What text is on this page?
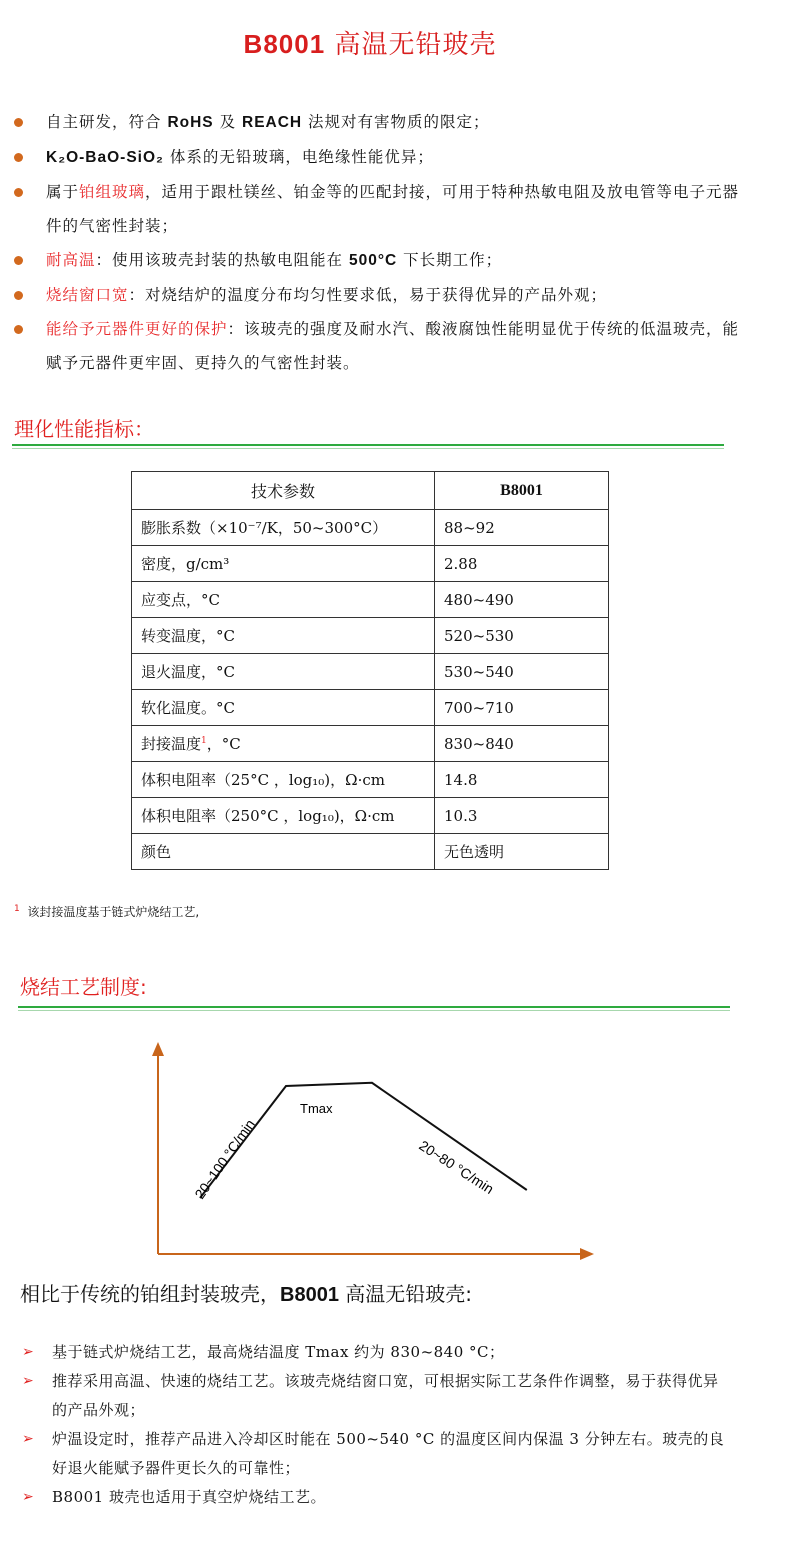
B8001 高温无铅玻壳
自主研发，符合 RoHS 及 REACH 法规对有害物质的限定；
K₂O-BaO-SiO₂ 体系的无铅玻璃，电绝缘性能优异；
属于铂组玻璃，适用于跟杜镁丝、铂金等的匹配封接，可用于特种热敏电阻及放电管等电子元器件的气密性封装；
耐高温：使用该玻壳封装的热敏电阻能在 500°C 下长期工作；
烧结窗口宽：对烧结炉的温度分布均匀性要求低，易于获得优异的产品外观；
能给予元器件更好的保护：该玻壳的强度及耐水汽、酸液腐蚀性能明显优于传统的低温玻壳，能赋予元器件更牢固、更持久的气密性封装。
理化性能指标：
技术参数	B8001
膨胀系数（×10⁻⁷/K，50~300°C）	88~92
密度，g/cm³	2.88
应变点，°C	480~490
转变温度，°C	520~530
退火温度，°C	530~540
软化温度。°C	700~710
封接温度$^1$，°C	830~840
体积电阻率（25°C ，log₁₀)，Ω·cm	14.8
体积电阻率（250°C ，log₁₀)，Ω·cm	10.3
颜色	无色透明
$^1$ 该封接温度基于链式炉烧结工艺,
烧结工艺制度:
Tmax
20~100 °C/min	20~80 °C/min
相比于传统的铂组封装玻壳，B8001 高温无铅玻壳:
➢ 基于链式炉烧结工艺，最高烧结温度 Tmax 约为 830~840 °C；
➢ 推荐采用高温、快速的烧结工艺。该玻壳烧结窗口宽，可根据实际工艺条件作调整，易于获得优异的产品外观；
➢ 炉温设定时，推荐产品进入冷却区时能在 500~540 °C 的温度区间内保温 3 分钟左右。玻壳的良好退火能赋予器件更长久的可靠性；
➢ B8001 玻壳也适用于真空炉烧结工艺。
